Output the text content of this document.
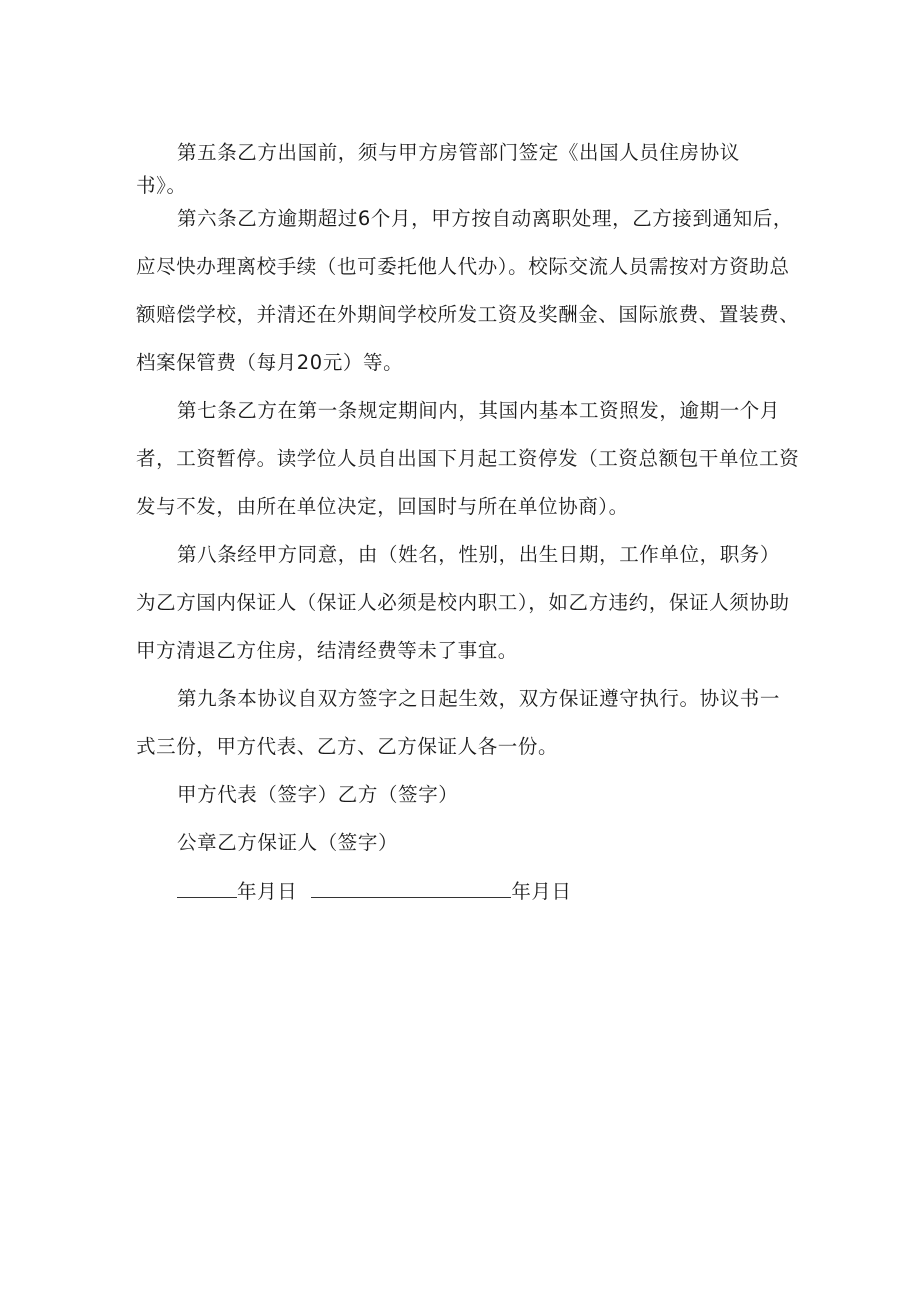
第五条乙方出国前，须与甲方房管部门签定《出国人员住房协议
书》。

第六条乙方逾期超过6个月，甲方按自动离职处理，乙方接到通知后，
应尽快办理离校手续（也可委托他人代办）。校际交流人员需按对方资助总
额赔偿学校，并清还在外期间学校所发工资及奖酬金、国际旅费、置装费、
档案保管费（每月20元）等。

第七条乙方在第一条规定期间内，其国内基本工资照发，逾期一个月
者，工资暂停。读学位人员自出国下月起工资停发（工资总额包干单位工资
发与不发，由所在单位决定，回国时与所在单位协商）。

第八条经甲方同意，由（姓名，性别，出生日期，工作单位，职务）
为乙方国内保证人（保证人必须是校内职工），如乙方违约，保证人须协助
甲方清退乙方住房，结清经费等未了事宜。

第九条本协议自双方签字之日起生效，双方保证遵守执行。协议书一
式三份，甲方代表、乙方、乙方保证人各一份。

甲方代表（签字）乙方（签字）
公章乙方保证人（签字）
年月日	年月日
